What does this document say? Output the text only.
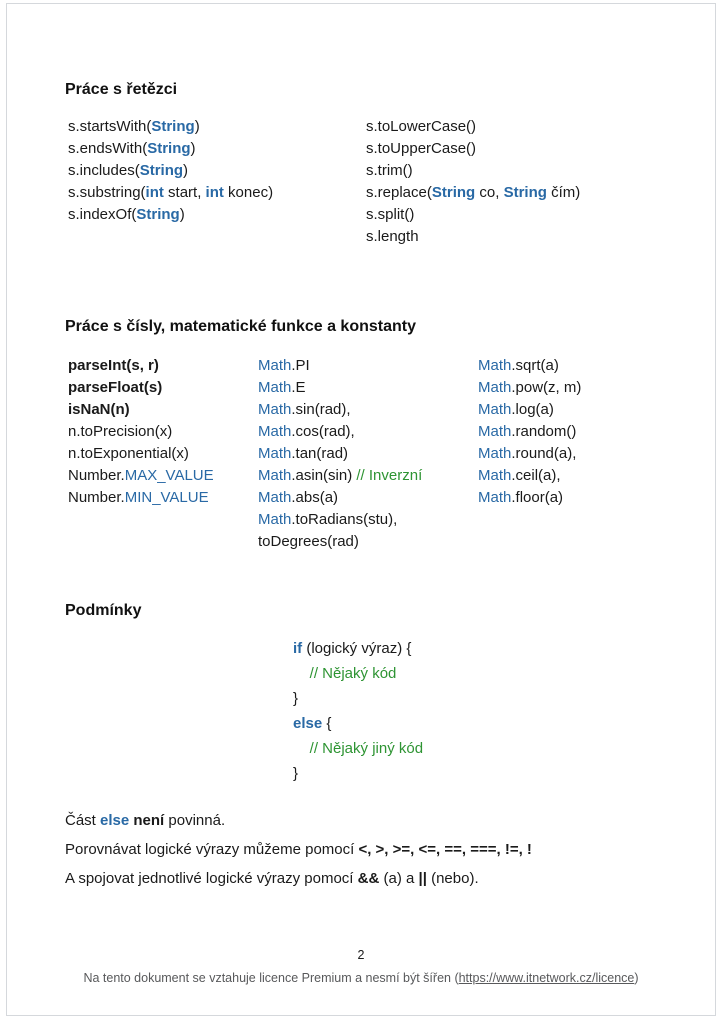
Práce s řetězci
s.startsWith(String)
s.endsWith(String)
s.includes(String)
s.substring(int start, int konec)
s.indexOf(String)
s.toLowerCase()
s.toUpperCase()
s.trim()
s.replace(String co, String čím)
s.split()
s.length
Práce s čísly, matematické funkce a konstanty
parseInt(s, r)
parseFloat(s)
isNaN(n)
n.toPrecision(x)
n.toExponential(x)
Number.MAX_VALUE
Number.MIN_VALUE
Math.PI
Math.E
Math.sin(rad),
Math.cos(rad),
Math.tan(rad)
Math.asin(sin) // Inverzní
Math.abs(a)
Math.toRadians(stu),
toDegrees(rad)
Math.sqrt(a)
Math.pow(z, m)
Math.log(a)
Math.random()
Math.round(a),
Math.ceil(a),
Math.floor(a)
Podmínky
if (logický výraz) {
// Nějaký kód
}
else {
// Nějaký jiný kód
}
Část else není povinná.
Porovnávat logické výrazy můžeme pomocí <, >, >=, <=, ==, ===, !=, !
A spojovat jednotlivé logické výrazy pomocí && (a) a || (nebo).
2
Na tento dokument se vztahuje licence Premium a nesmí být šířen (https://www.itnetwork.cz/licence)
